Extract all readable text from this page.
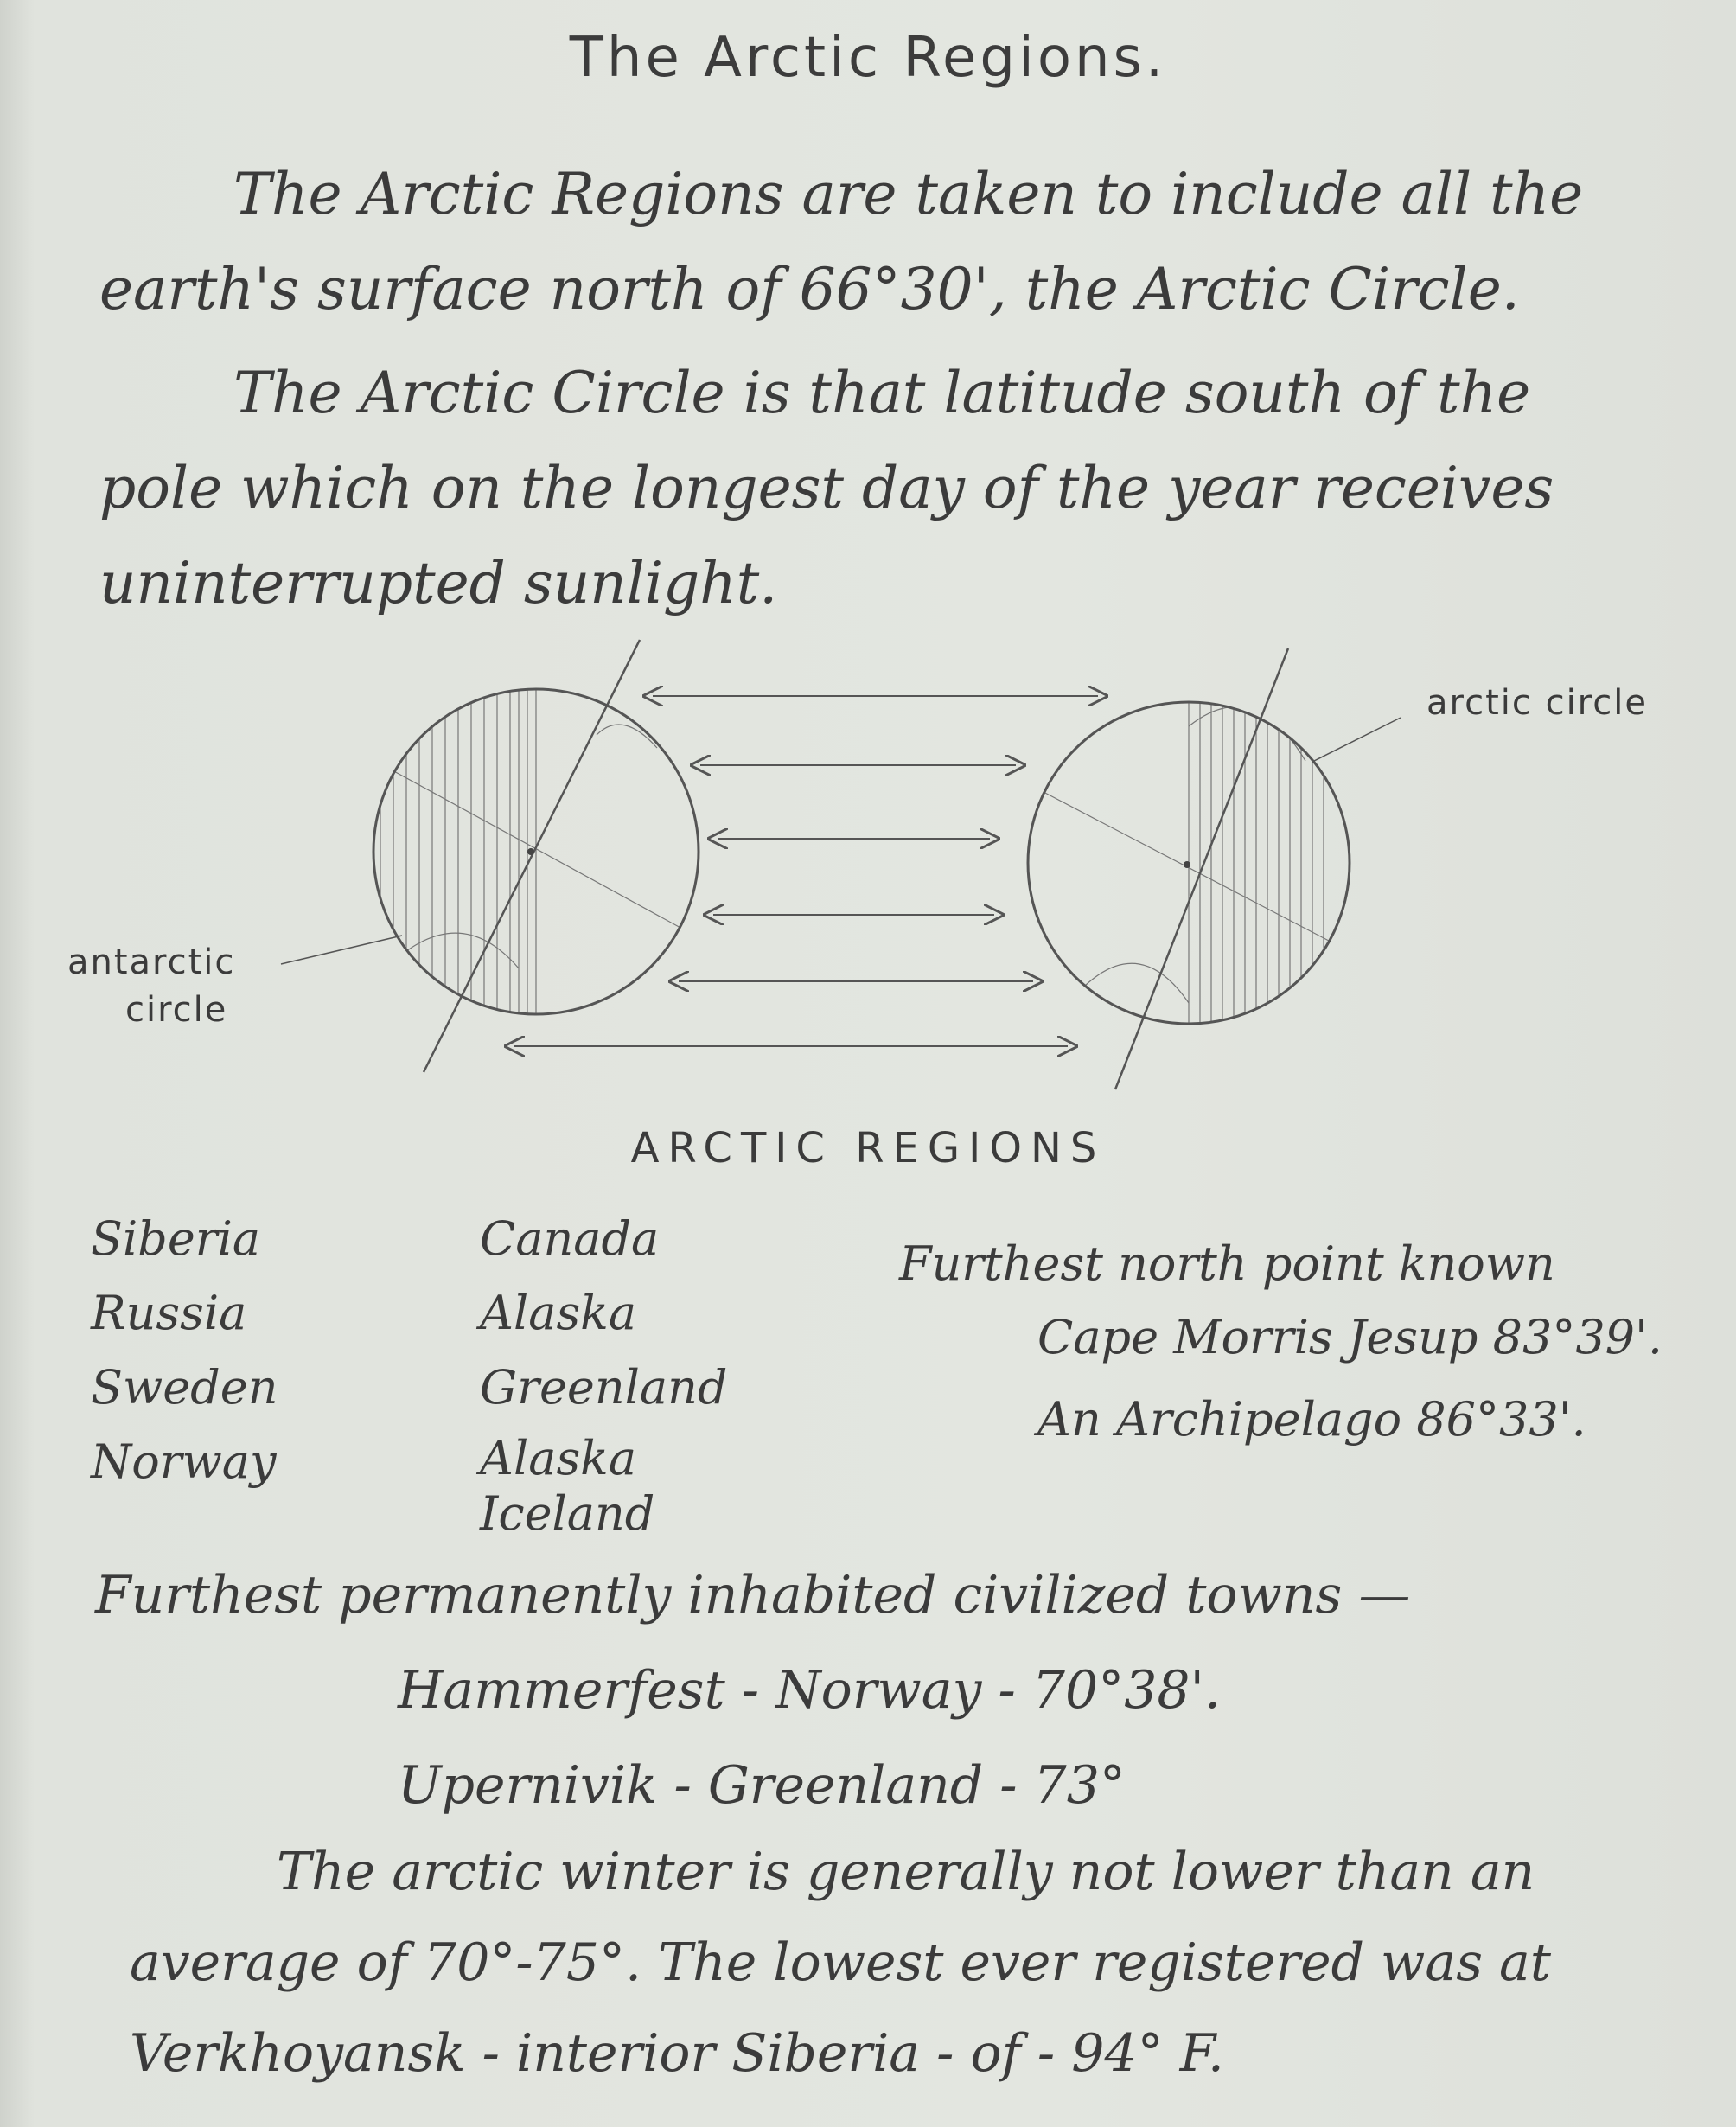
The Arctic Regions.
The Arctic Regions are taken to include all the
earth's surface north of 66°30', the Arctic Circle.
The Arctic Circle is that latitude south of the
pole which on the longest day of the year receives
uninterrupted sunlight.
arctic circle
antarctic
circle
ARCTIC REGIONS
Siberia
Russia
Sweden
Norway
Canada
Alaska
Greenland
Alaska
Iceland
Furthest north point known
Cape Morris Jesup 83°39'.
An Archipelago 86°33'.
Furthest permanently inhabited civilized towns —
Hammerfest - Norway - 70°38'.
Upernivik - Greenland - 73°
The arctic winter is generally not lower than an
average of 70°-75°. The lowest ever registered was at
Verkhoyansk - interior Siberia - of - 94° F.
